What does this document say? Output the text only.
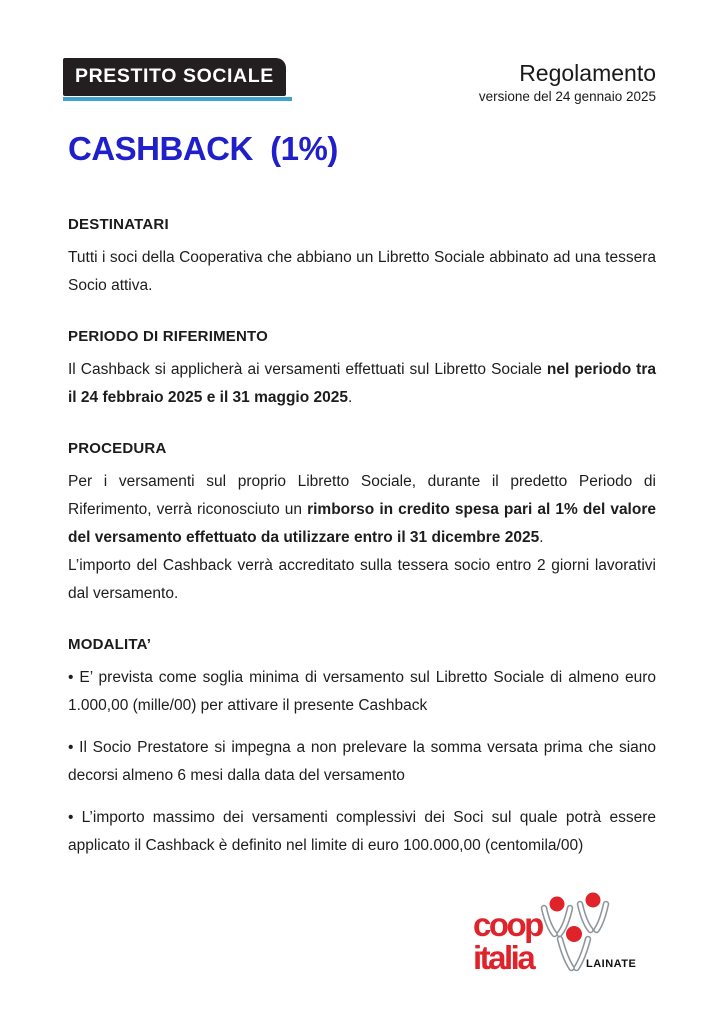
PRESTITO SOCIALE	Regolamento
versione del 24 gennaio 2025
CASHBACK  (1%)
DESTINATARI

Tutti i soci della Cooperativa che abbiano un Libretto Sociale abbinato ad una tessera Socio attiva.

PERIODO DI RIFERIMENTO

Il Cashback si applicherà ai versamenti effettuati sul Libretto Sociale nel periodo tra il 24 febbraio 2025 e il 31 maggio 2025.

PROCEDURA

Per i versamenti sul proprio Libretto Sociale, durante il predetto Periodo di Riferimento, verrà riconosciuto un rimborso in credito spesa pari al 1% del valore del versamento effettuato da utilizzare entro il 31 dicembre 2025.

L’importo del Cashback verrà accreditato sulla tessera socio entro 2 giorni lavorativi dal versamento.

MODALITA’

• E’ prevista come soglia minima di versamento sul Libretto Sociale di almeno euro 1.000,00 (mille/00) per attivare il presente Cashback

• Il Socio Prestatore si impegna a non prelevare la somma versata prima che siano decorsi almeno 6 mesi dalla data del versamento

• L’importo massimo dei versamenti complessivi dei Soci sul quale potrà essere applicato il Cashback è definito nel limite di euro 100.000,00 (centomila/00)

coop
italia	LAINATE
